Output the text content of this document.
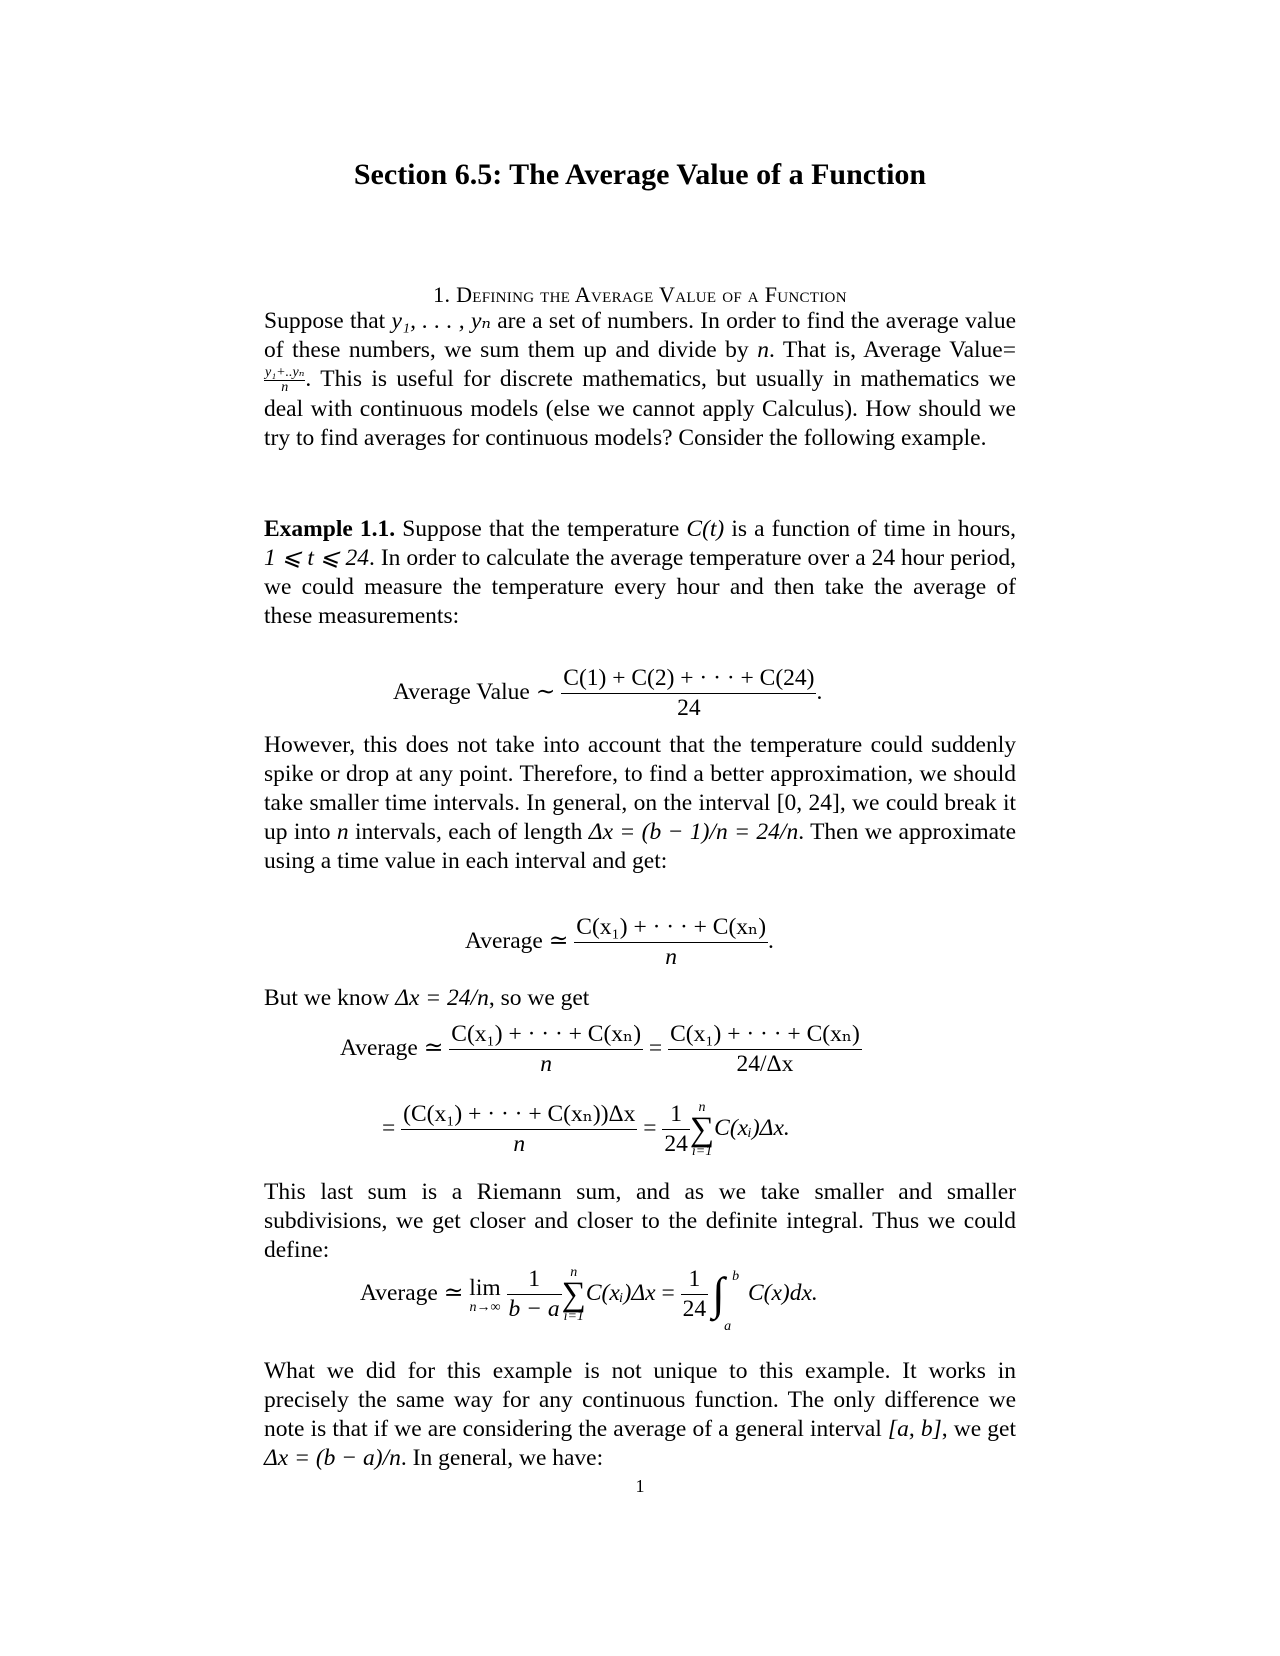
Section 6.5: The Average Value of a Function
1. Defining the Average Value of a Function
Suppose that y₁, . . . , yₙ are a set of numbers. In order to find the average value of these numbers, we sum them up and divide by n. That is, Average Value=
$\frac{\text{y₁+..yₙ}}{n}$ . This is useful for discrete mathematics, but usually in mathematics we deal with continuous models (else we cannot apply Calculus). How should we try to find averages for continuous models? Consider the following example.
Example 1.1. Suppose that the temperature C(t) is a function of time in hours, 1 ⩽ t ⩽ 24. In order to calculate the average temperature over a 24 hour period, we could measure the temperature every hour and then take the average of these measurements:
Average Value ∼ $\frac{C(1) + C(2) + \cdot \cdot \cdot + C(24)}{24}$ .
However, this does not take into account that the temperature could suddenly spike or drop at any point. Therefore, to find a better approximation, we should take smaller time intervals. In general, on the interval [0, 24], we could break it up into n intervals, each of length Δx = (b − 1)/n = 24/n. Then we approximate using a time value in each interval and get:
Average ≃ $\frac{\text{C(x₁) + · · · + C(xₙ)}}{n}$ .
But we know Δx = 24/n, so we get
Average ≃ $\frac{\text{C(x₁) + · · · + C(xₙ)}}{n} = \frac{\text{C(x₁) + · · · + C(xₙ)}}{24/\Delta x}$
= $\frac{\text{(C(x₁) + · · · + C(xₙ))Δx}}{n} = \frac{1}{24}$ n
∑
i=1C(xᵢ)Δx.
This last sum is a Riemann sum, and as we take smaller and smaller subdivisions, we get closer and closer to the definite integral. Thus we could define:
Average ≃ lim
$n\to\infty \frac{1}{b - a}$ n
∑
i=1C(xᵢ)Δx = $\frac{1}{24}$ ∫ b
a
C(x)dx.
What we did for this example is not unique to this example. It works in precisely the same way for any continuous function. The only difference we note is that if we are considering the average of a general interval [a, b], we get Δx = (b − a)/n. In general, we have:
1
